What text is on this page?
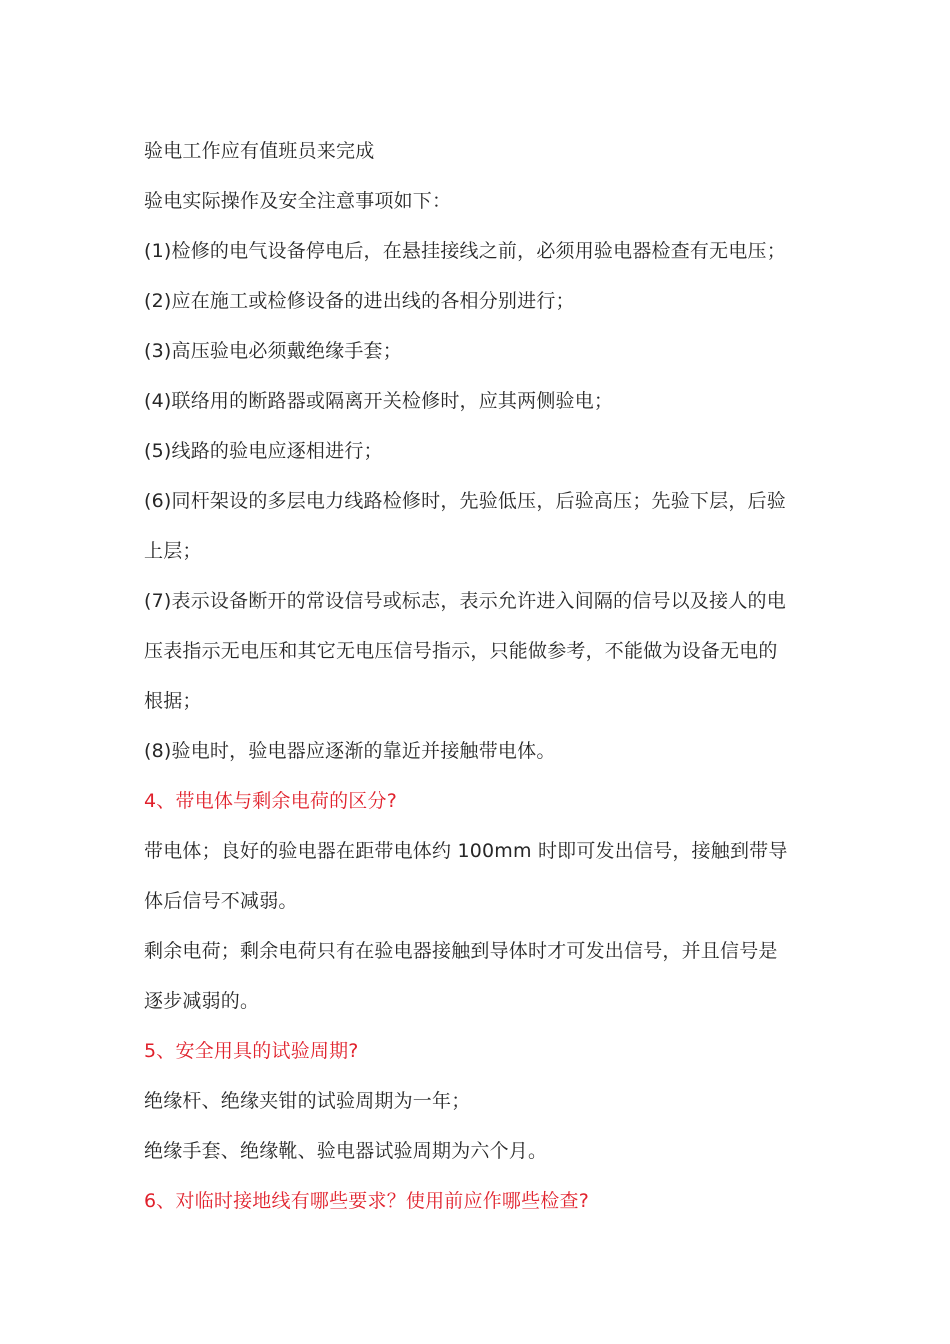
验电工作应有值班员来完成
验电实际操作及安全注意事项如下：
(1)检修的电气设备停电后，在悬挂接线之前，必须用验电器检查有无电压；
(2)应在施工或检修设备的进出线的各相分别进行；
(3)高压验电必须戴绝缘手套；
(4)联络用的断路器或隔离开关检修时，应其两侧验电；
(5)线路的验电应逐相进行；
(6)同杆架设的多层电力线路检修时，先验低压，后验高压；先验下层，后验
上层；
(7)表示设备断开的常设信号或标志，表示允许进入间隔的信号以及接人的电
压表指示无电压和其它无电压信号指示，只能做参考，不能做为设备无电的
根据；
(8)验电时，验电器应逐渐的靠近并接触带电体。
4、带电体与剩余电荷的区分?
带电体；良好的验电器在距带电体约 100mm 时即可发出信号，接触到带导
体后信号不减弱。
剩余电荷；剩余电荷只有在验电器接触到导体时才可发出信号，并且信号是
逐步减弱的。
5、安全用具的试验周期?
绝缘杆、绝缘夹钳的试验周期为一年；
绝缘手套、绝缘靴、验电器试验周期为六个月。
6、对临时接地线有哪些要求？使用前应作哪些检查?
